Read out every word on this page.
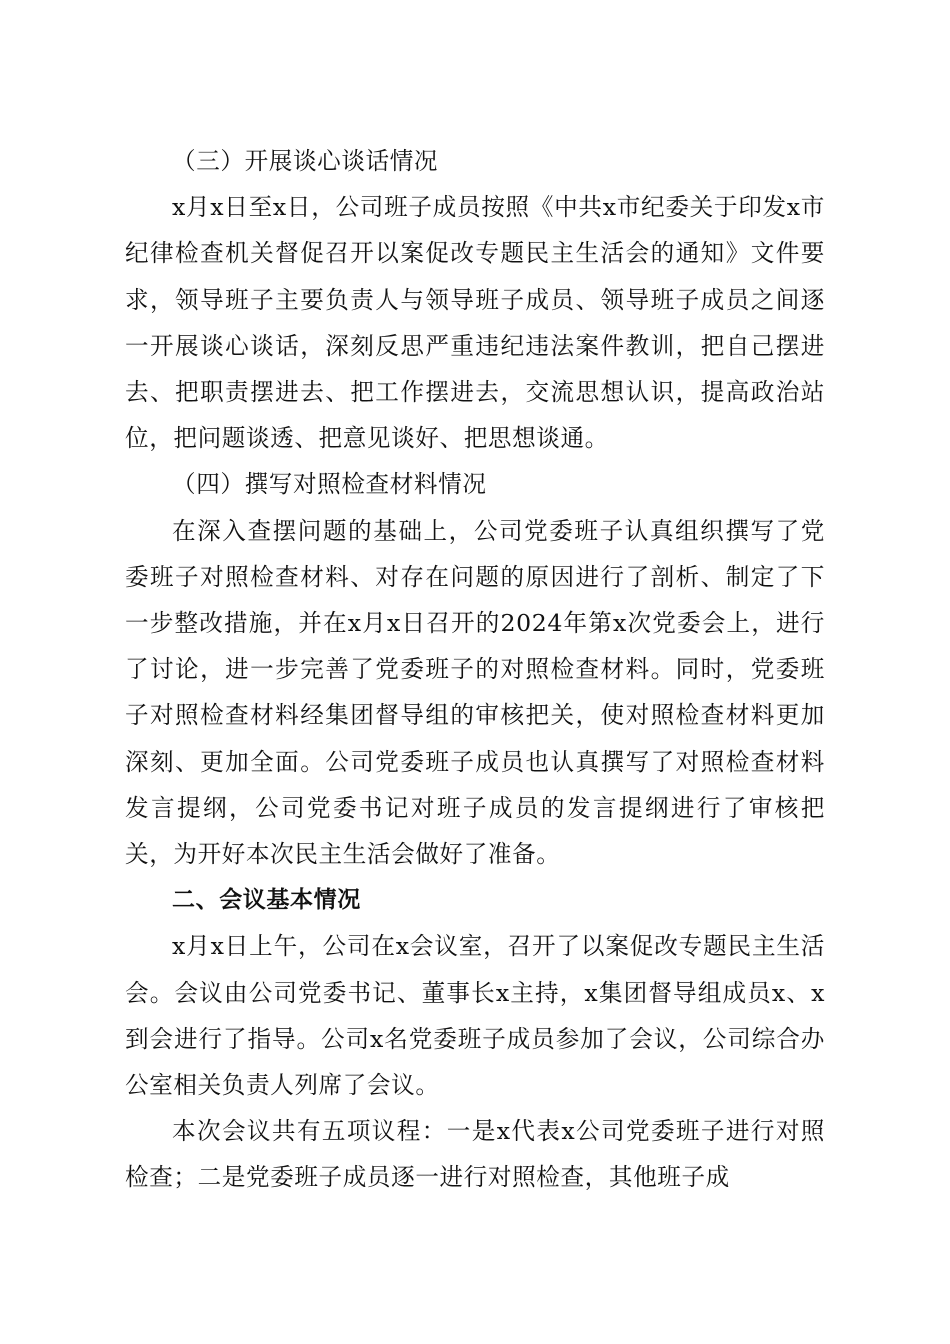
（三）开展谈心谈话情况

x月x日至x日，公司班子成员按照《中共x市纪委关于印发x市纪律检查机关督促召开以案促改专题民主生活会的通知》文件要求，领导班子主要负责人与领导班子成员、领导班子成员之间逐一开展谈心谈话，深刻反思严重违纪违法案件教训，把自己摆进去、把职责摆进去、把工作摆进去，交流思想认识，提高政治站位，把问题谈透、把意见谈好、把思想谈通。

（四）撰写对照检查材料情况

在深入查摆问题的基础上，公司党委班子认真组织撰写了党委班子对照检查材料、对存在问题的原因进行了剖析、制定了下一步整改措施，并在x月x日召开的2024年第x次党委会上，进行了讨论，进一步完善了党委班子的对照检查材料。同时，党委班子对照检查材料经集团督导组的审核把关，使对照检查材料更加深刻、更加全面。公司党委班子成员也认真撰写了对照检查材料发言提纲，公司党委书记对班子成员的发言提纲进行了审核把关，为开好本次民主生活会做好了准备。

二、会议基本情况

x月x日上午，公司在x会议室，召开了以案促改专题民主生活会。会议由公司党委书记、董事长x主持，x集团督导组成员x、x到会进行了指导。公司x名党委班子成员参加了会议，公司综合办公室相关负责人列席了会议。

本次会议共有五项议程：一是x代表x公司党委班子进行对照检查；二是党委班子成员逐一进行对照检查，其他班子成
